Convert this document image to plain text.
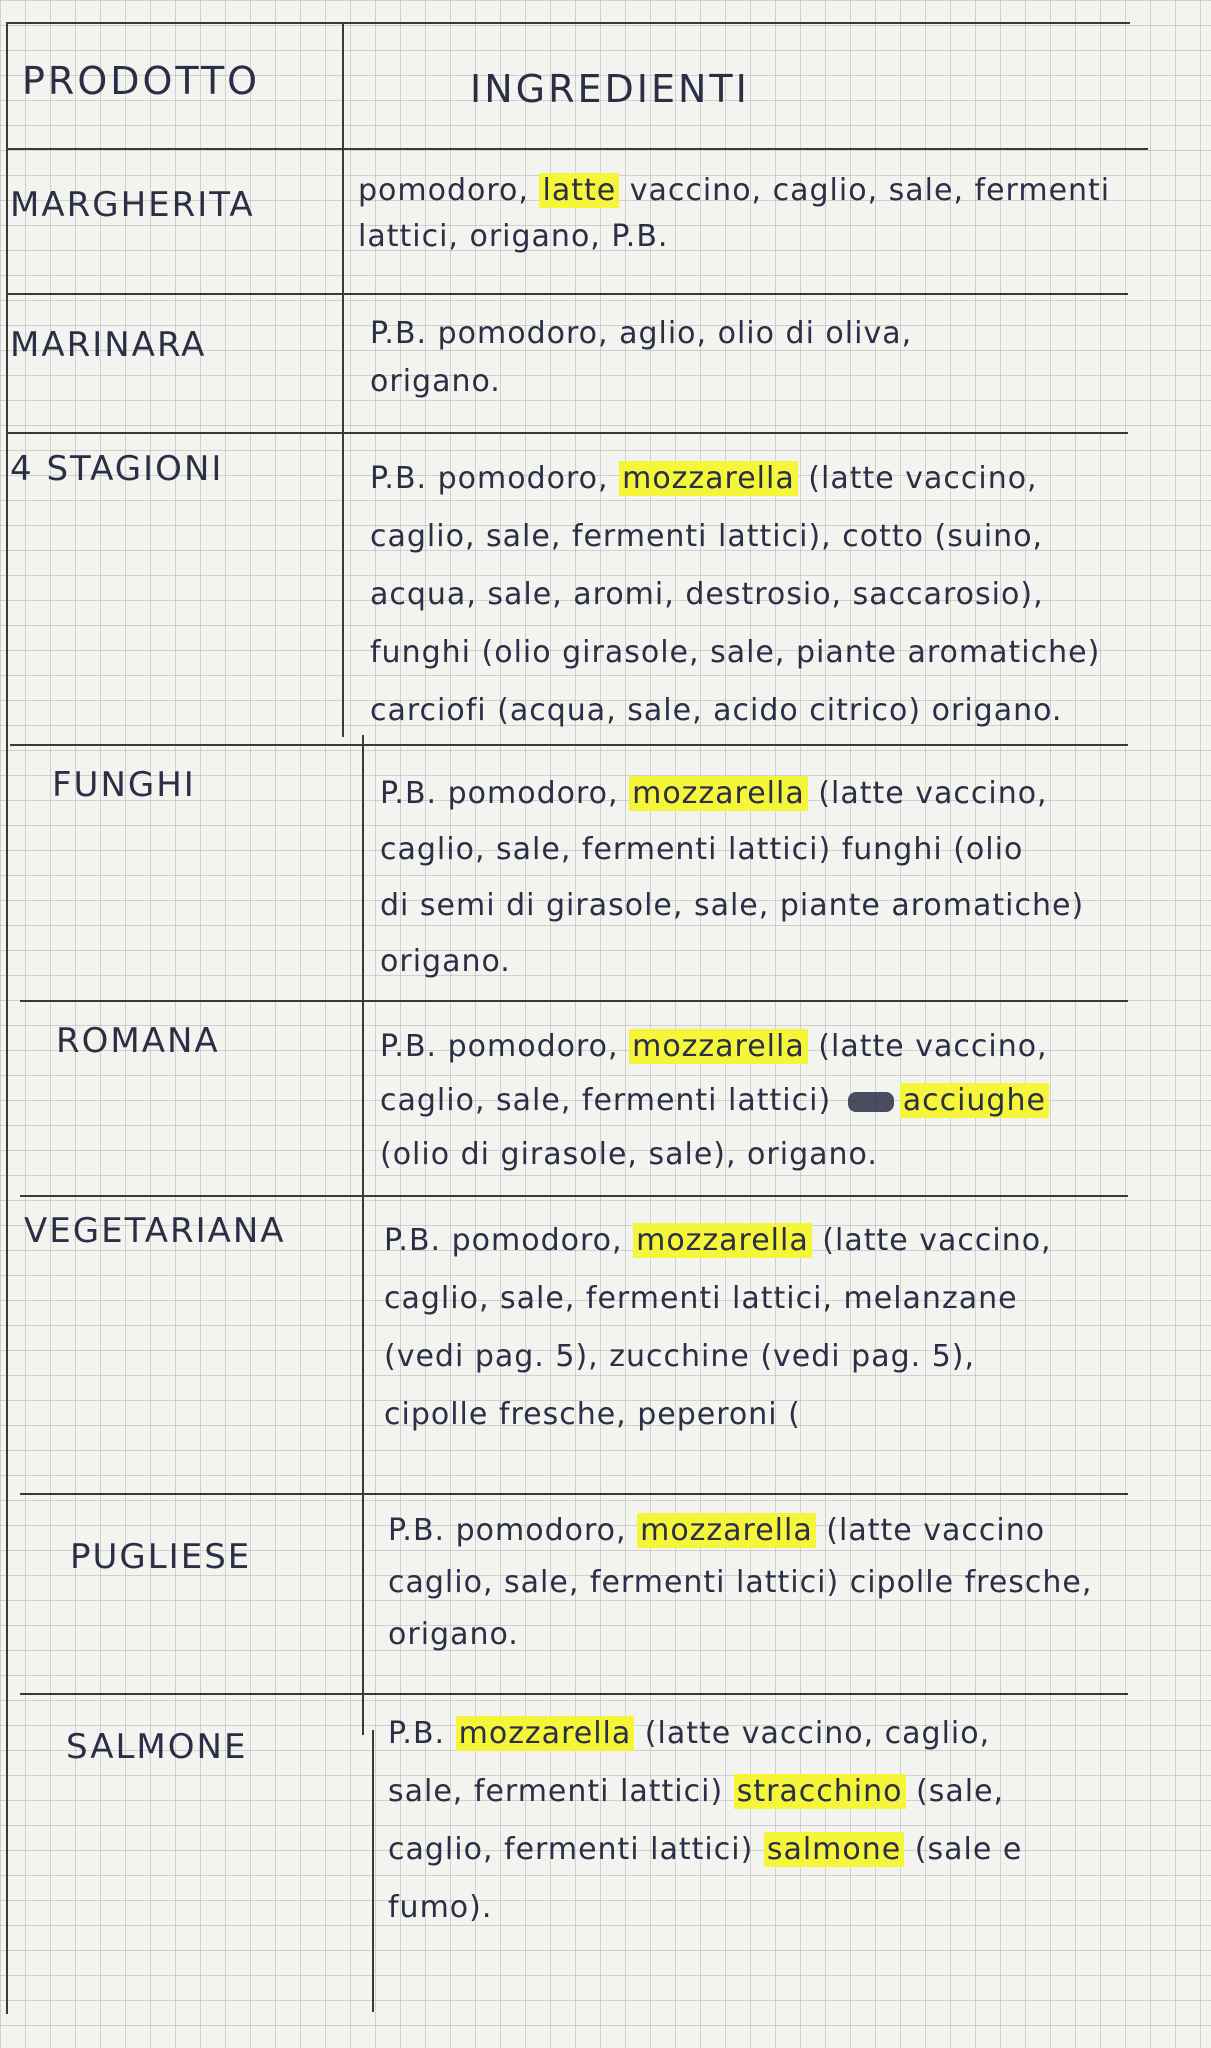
PRODOTTO	INGREDIENTI
MARGHERITA
MARINARA
4 STAGIONI
FUNGHI
ROMANA
VEGETARIANA
PUGLIESE
SALMONE
pomodoro, latte vaccino, caglio, sale, fermenti
lattici, origano, P.B.
P.B. pomodoro, aglio, olio di oliva,
origano.
P.B. pomodoro, mozzarella (latte vaccino,
caglio, sale, fermenti lattici), cotto (suino,
acqua, sale, aromi, destrosio, saccarosio),
funghi (olio girasole, sale, piante aromatiche)
carciofi (acqua, sale, acido citrico) origano.
P.B. pomodoro, mozzarella (latte vaccino,
caglio, sale, fermenti lattici) funghi (olio
di semi di girasole, sale, piante aromatiche)
origano.
P.B. pomodoro, mozzarella (latte vaccino,
caglio, sale, fermenti lattici) acciughe
(olio di girasole, sale), origano.
P.B. pomodoro, mozzarella (latte vaccino,
caglio, sale, fermenti lattici, melanzane
(vedi pag. 5), zucchine (vedi pag. 5),
cipolle fresche, peperoni (
P.B. pomodoro, mozzarella (latte vaccino
caglio, sale, fermenti lattici) cipolle fresche,
origano.
P.B. mozzarella (latte vaccino, caglio,
sale, fermenti lattici) stracchino (sale,
caglio, fermenti lattici) salmone (sale e
fumo).
